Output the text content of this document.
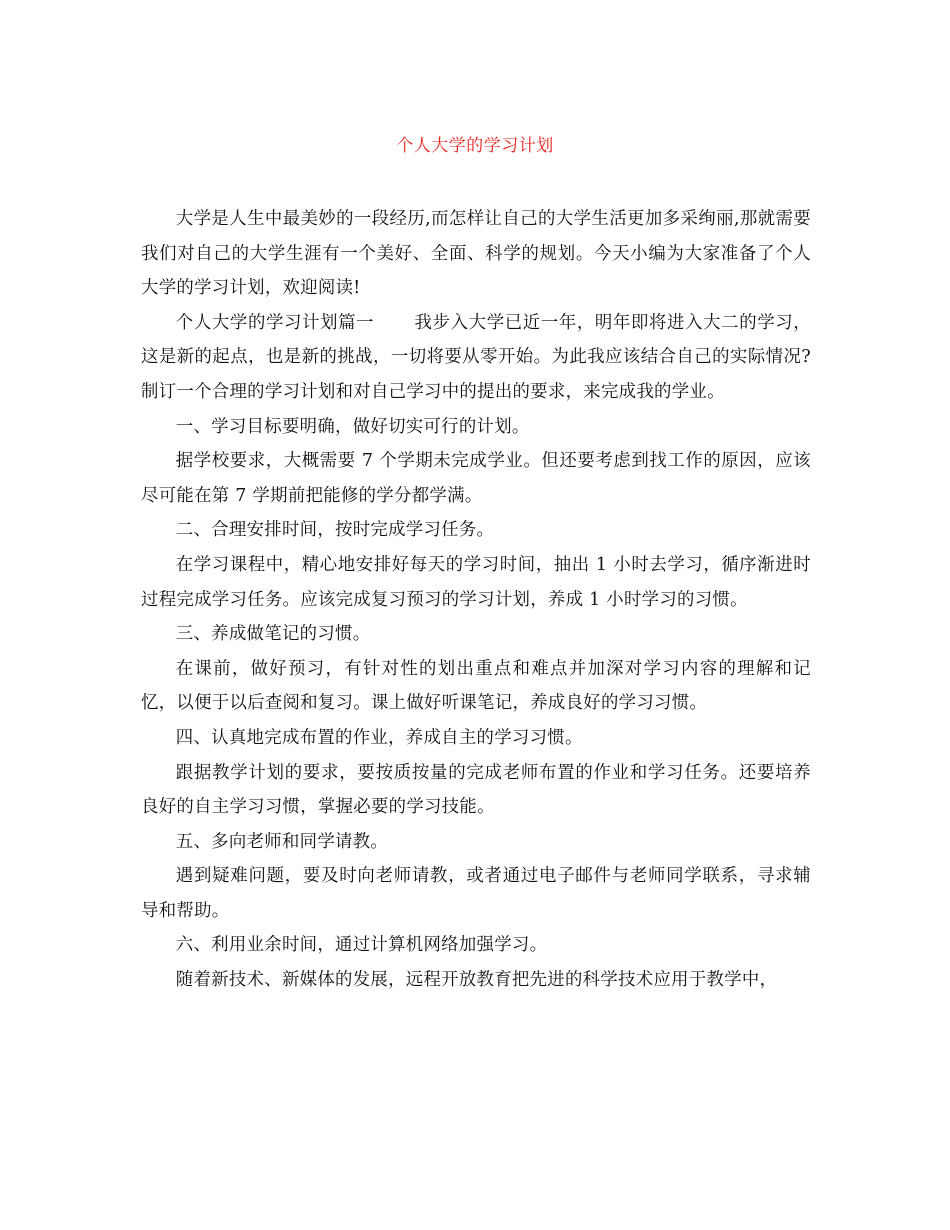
个人大学的学习计划

大学是人生中最美妙的一段经历,而怎样让自己的大学生活更加多采绚丽,那就需要我们对自己的大学生涯有一个美好、全面、科学的规划。今天小编为大家准备了个人大学的学习计划，欢迎阅读!

个人大学的学习计划篇一 我步入大学已近一年，明年即将进入大二的学习，这是新的起点，也是新的挑战，一切将要从零开始。为此我应该结合自己的实际情况?制订一个合理的学习计划和对自己学习中的提出的要求，来完成我的学业。

一、学习目标要明确，做好切实可行的计划。

据学校要求，大概需要 7 个学期未完成学业。但还要考虑到找工作的原因，应该尽可能在第 7 学期前把能修的学分都学满。

二、合理安排时间，按时完成学习任务。

在学习课程中，精心地安排好每天的学习时间，抽出 1 小时去学习，循序渐进时过程完成学习任务。应该完成复习预习的学习计划，养成 1 小时学习的习惯。

三、养成做笔记的习惯。

在课前，做好预习，有针对性的划出重点和难点并加深对学习内容的理解和记忆，以便于以后查阅和复习。课上做好听课笔记，养成良好的学习习惯。

四、认真地完成布置的作业，养成自主的学习习惯。

跟据教学计划的要求，要按质按量的完成老师布置的作业和学习任务。还要培养良好的自主学习习惯，掌握必要的学习技能。

五、多向老师和同学请教。

遇到疑难问题，要及时向老师请教，或者通过电子邮件与老师同学联系，寻求辅导和帮助。

六、利用业余时间，通过计算机网络加强学习。

随着新技术、新媒体的发展，远程开放教育把先进的科学技术应用于教学中，
